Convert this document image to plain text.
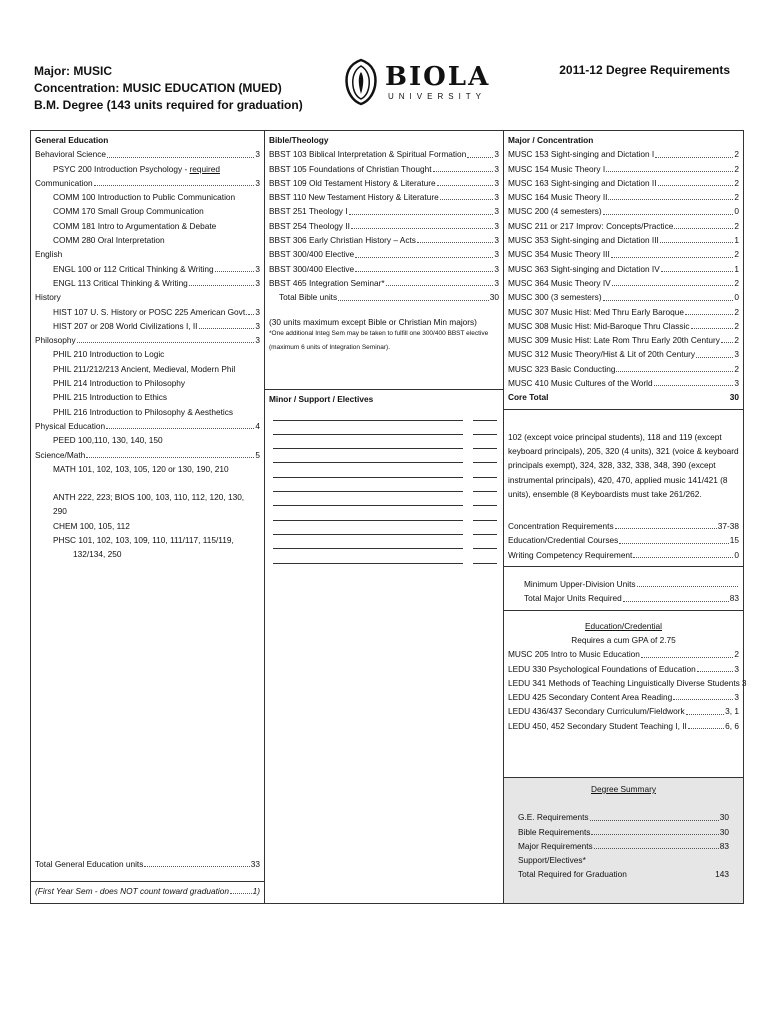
Major: MUSIC
Concentration: MUSIC EDUCATION (MUED)
B.M. Degree (143 units required for graduation)
2011-12 Degree Requirements
BIOLA
UNIVERSITY
General Education
Behavioral Science	3
PSYC 200 Introduction Psychology - required
Communication	3
COMM 100 Introduction to Public Communication
COMM 170 Small Group Communication
COMM 181 Intro to Argumentation & Debate
COMM 280 Oral Interpretation
English
ENGL 100 or 112 Critical Thinking & Writing	3
ENGL 113 Critical Thinking & Writing	3
History
HIST 107 U. S. History or POSC 225 American Govt. 3
HIST 207 or 208 World Civilizations I, II	3
Philosophy	3
PHIL 210 Introduction to Logic
PHIL 211/212/213 Ancient, Medieval, Modern Phil
PHIL 214 Introduction to Philosophy
PHIL 215 Introduction to Ethics
PHIL 216 Introduction to Philosophy & Aesthetics
Physical Education	4
PEED 100,110, 130, 140, 150
Science/Math	5
MATH 101, 102, 103, 105, 120 or 130, 190, 210
ANTH 222, 223; BIOS 100, 103, 110, 112, 120, 130, 290
CHEM 100, 105, 112
PHSC 101, 102, 103, 109, 110, 111/117, 115/119,
132/134, 250
Total General Education units	33
(First Year Sem - does NOT count toward graduation	1)
Bible/Theology
BBST 103 Biblical Interpretation & Spiritual Formation	3
BBST 105 Foundations of Christian Thought	3
BBST 109 Old Testament History & Literature	3
BBST 110 New Testament History & Literature	3
BBST 251 Theology I	3
BBST 254 Theology II	3
BBST 306 Early Christian History – Acts	3
BBST 300/400 Elective	3
BBST 300/400 Elective	3
BBST 465 Integration Seminar*	3
Total Bible units	30
(30 units maximum except Bible or Christian Min majors)
*One additional Integ Sem may be taken to fulfill one 300/400 BBST elective
(maximum 6 units of Integration Seminar).
Minor / Support / Electives
Major / Concentration
MUSC 153 Sight-singing and Dictation I	2
MUSC 154 Music Theory I	2
MUSC 163 Sight-singing and Dictation II	2
MUSC 164 Music Theory II	2
MUSC 200 (4 semesters)	0
MUSC 211 or 217 Improv: Concepts/Practice	2
MUSC 353 Sight-singing and Dictation III	1
MUSC 354 Music Theory III	2
MUSC 363 Sight-singing and Dictation IV	1
MUSC 364 Music Theory IV	2
MUSC 300 (3 semesters)	0
MUSC 307 Music Hist: Med Thru Early Baroque	2
MUSC 308 Music Hist: Mid-Baroque Thru Classic	2
MUSC 309 Music Hist: Late Rom Thru Early 20th Century 2
MUSC 312 Music Theory/Hist & Lit of 20th Century	3
MUSC 323 Basic Conducting	2
MUSC 410 Music Cultures of the World	3
Core Total	30
102 (except voice principal students), 118 and 119 (except keyboard principals), 205, 320 (4 units), 321 (voice & keyboard principals exempt), 324, 328, 332, 338, 348, 390 (except instrumental principals), 420, 470, applied music 141/421 (8 units), ensemble (8 Keyboardists must take 261/262.
Concentration Requirements	37-38
Education/Credential Courses	15
Writing Competency Requirement	0
Minimum Upper-Division Units
Total Major Units Required	83
Education/Credential
Requires a cum GPA of 2.75
MUSC 205 Intro to Music Education	2
LEDU 330 Psychological Foundations of Education	3
LEDU 341 Methods of Teaching Linguistically Diverse Students 3
LEDU 425 Secondary Content Area Reading	3
LEDU 436/437 Secondary Curriculum/Fieldwork	3, 1
LEDU 450, 452 Secondary Student Teaching I, II	6, 6
Degree Summary
G.E. Requirements	30
Bible Requirements	30
Major Requirements	83
Support/Electives*
Total Required for Graduation	143
